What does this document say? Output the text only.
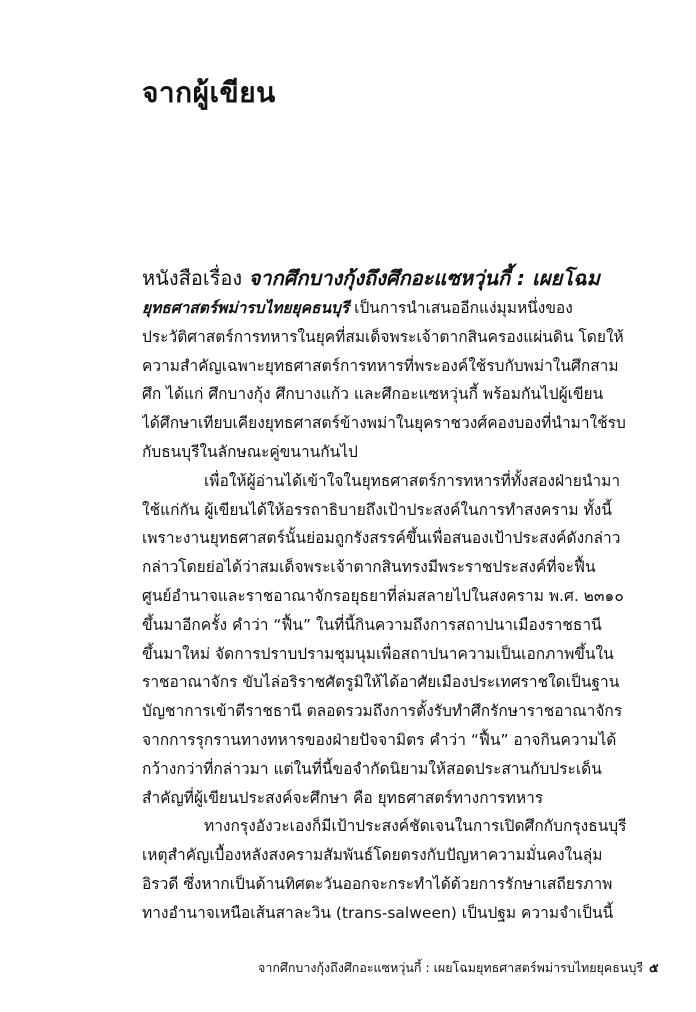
จากผู้เขียน
หนังสือเรื่อง จากศึกบางกุ้งถึงศึกอะแซหวุ่นกี้ : เผยโฉม
ยุทธศาสตร์พม่ารบไทยยุคธนบุรี เป็นการนำเสนออีกแง่มุมหนึ่งของ
ประวัติศาสตร์การทหารในยุคที่สมเด็จพระเจ้าตากสินครองแผ่นดิน โดยให้
ความสำคัญเฉพาะยุทธศาสตร์การทหารที่พระองค์ใช้รบกับพม่าในศึกสาม
ศึก ได้แก่ ศึกบางกุ้ง ศึกบางแก้ว และศึกอะแซหวุ่นกี้ พร้อมกันไปผู้เขียน
ได้ศึกษาเทียบเคียงยุทธศาสตร์ข้างพม่าในยุคราชวงศ์คองบองที่นำมาใช้รบ
กับธนบุรีในลักษณะคู่ขนานกันไป
เพื่อให้ผู้อ่านได้เข้าใจในยุทธศาสตร์การทหารที่ทั้งสองฝ่ายนำมา
ใช้แก่กัน ผู้เขียนได้ให้อรรถาธิบายถึงเป้าประสงค์ในการทำสงคราม ทั้งนี้
เพราะงานยุทธศาสตร์นั้นย่อมถูกรังสรรค์ขึ้นเพื่อสนองเป้าประสงค์ดังกล่าว
กล่าวโดยย่อได้ว่าสมเด็จพระเจ้าตากสินทรงมีพระราชประสงค์ที่จะฟื้น
ศูนย์อำนาจและราชอาณาจักรอยุธยาที่ล่มสลายไปในสงคราม พ.ศ. ๒๓๑๐
ขึ้นมาอีกครั้ง คำว่า “ฟื้น” ในที่นี้กินความถึงการสถาปนาเมืองราชธานี
ขึ้นมาใหม่ จัดการปราบปรามชุมนุมเพื่อสถาปนาความเป็นเอกภาพขึ้นใน
ราชอาณาจักร ขับไล่อริราชศัตรูมิให้ได้อาศัยเมืองประเทศราชใดเป็นฐาน
บัญชาการเข้าตีราชธานี ตลอดรวมถึงการตั้งรับทำศึกรักษาราชอาณาจักร
จากการรุกรานทางทหารของฝ่ายปัจจามิตร คำว่า “ฟื้น” อาจกินความได้
กว้างกว่าที่กล่าวมา แต่ในที่นี้ขอจำกัดนิยามให้สอดประสานกับประเด็น
สำคัญที่ผู้เขียนประสงค์จะศึกษา คือ ยุทธศาสตร์ทางการทหาร
ทางกรุงอังวะเองก็มีเป้าประสงค์ชัดเจนในการเปิดศึกกับกรุงธนบุรี
เหตุสำคัญเบื้องหลังสงครามสัมพันธ์โดยตรงกับปัญหาความมั่นคงในลุ่ม
อิรวดี ซึ่งหากเป็นด้านทิศตะวันออกจะกระทำได้ด้วยการรักษาเสถียรภาพ
ทางอำนาจเหนือเส้นสาละวิน (trans-salween) เป็นปฐม ความจำเป็นนี้
จากศึกบางกุ้งถึงศึกอะแซหวุ่นกี้ : เผยโฉมยุทธศาสตร์พม่ารบไทยยุคธนบุรี ๕
